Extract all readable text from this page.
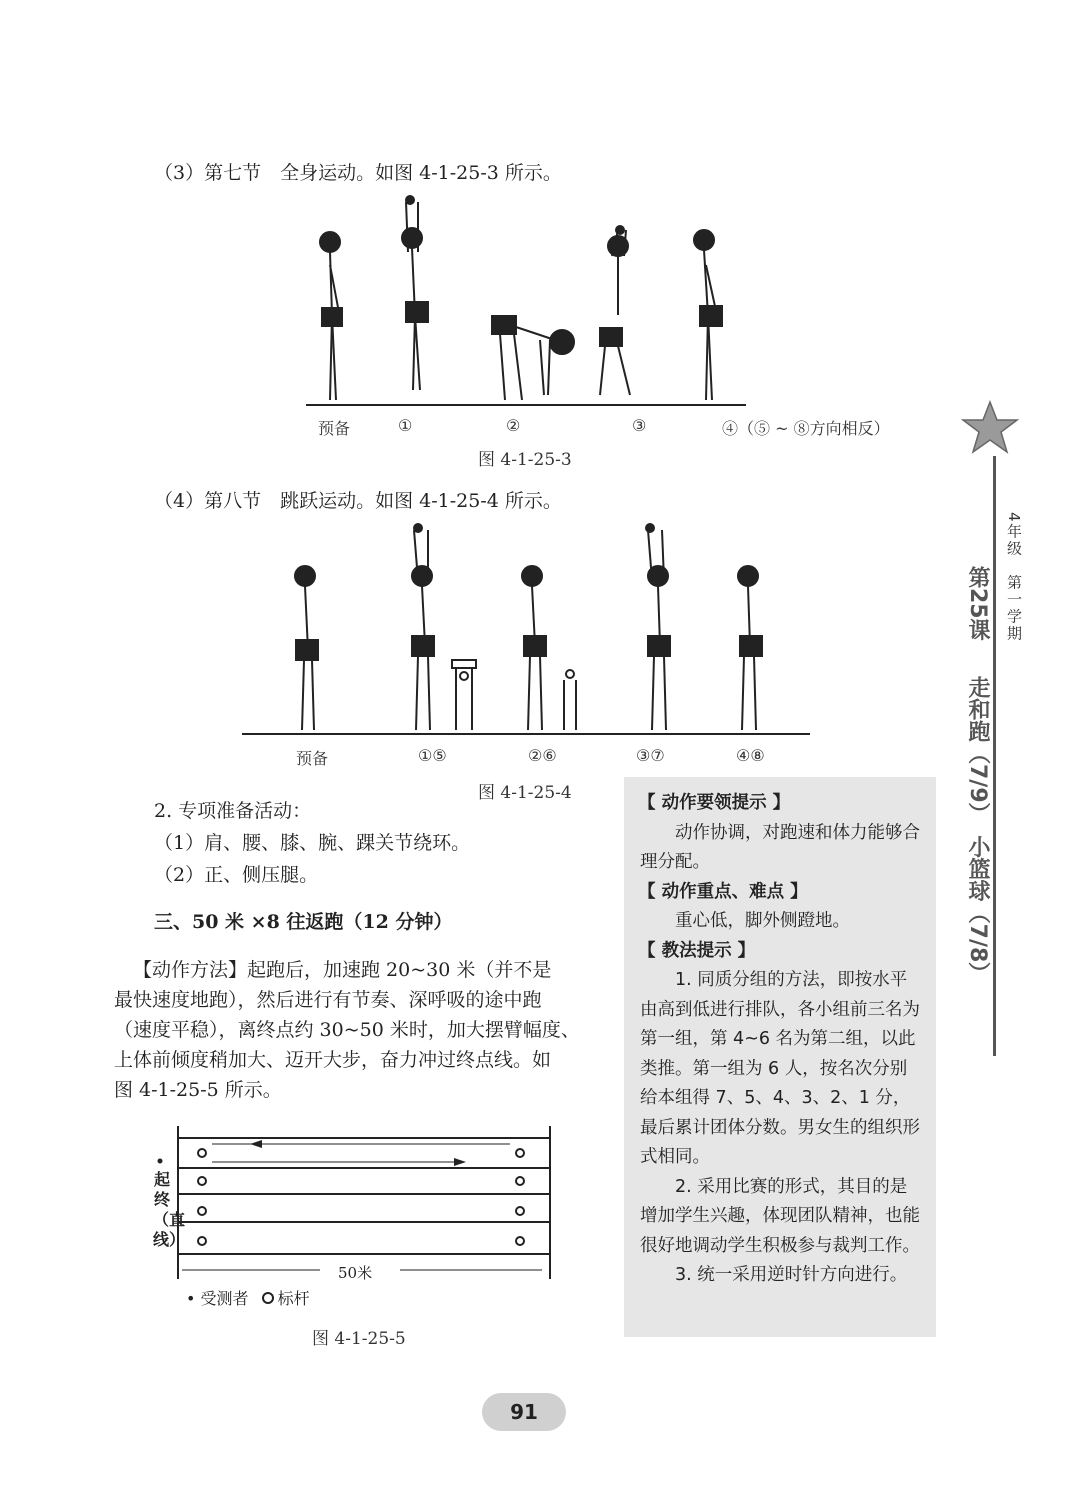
（3）第七节　全身运动。如图 4-1-25-3 所示。
预备	①	②	③	④（⑤ ~ ⑧方向相反）
图 4-1-25-3
（4）第八节　跳跃运动。如图 4-1-25-4 所示。
预备	①⑤	②⑥	③⑦	④⑧
图 4-1-25-4
2. 专项准备活动：
（1）肩、腰、膝、腕、踝关节绕环。
（2）正、侧压腿。
三、50 米 ×8 往返跑（12 分钟）
【动作方法】起跑后，加速跑 20~30 米（并不是
最快速度地跑），然后进行有节奏、深呼吸的途中跑
（速度平稳），离终点约 30~50 米时，加大摆臂幅度、
上体前倾度稍加大、迈开大步，奋力冲过终点线。如
图 4-1-25-5 所示。
起终（直线）
50米
• 受测者 标杆
图 4-1-25-5
【 动作要领提示 】
动作协调，对跑速和体力能够合理分配。
【 动作重点、难点 】
重心低，脚外侧蹬地。
【 教法提示 】
1. 同质分组的方法，即按水平由高到低进行排队，各小组前三名为第一组，第 4~6 名为第二组，以此类推。第一组为 6 人，按名次分别给本组得 7、5、4、3、2、1 分，最后累计团体分数。男女生的组织形式相同。
2. 采用比赛的形式，其目的是增加学生兴趣，体现团队精神，也能很好地调动学生积极参与裁判工作。
3. 统一采用逆时针方向进行。
4年级　第一学期
第25课
走和跑（7/9）　小篮球（7/8）
91
